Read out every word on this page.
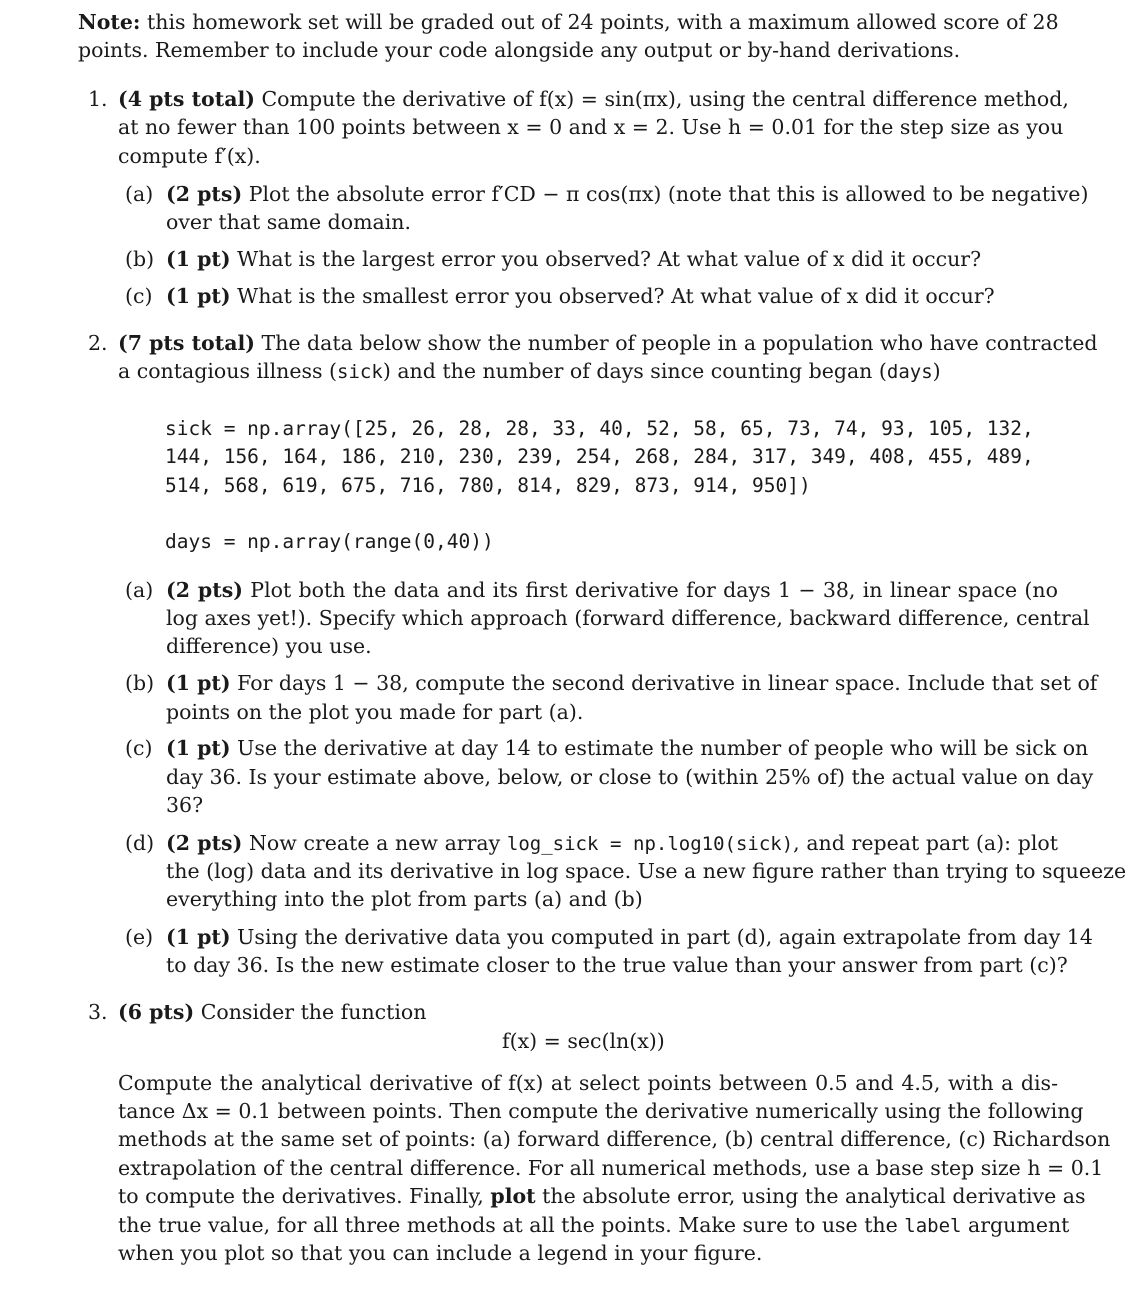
Note: this homework set will be graded out of 24 points, with a maximum allowed score of 28
points. Remember to include your code alongside any output or by-hand derivations.
1. (4 pts total) Compute the derivative of f(x) = sin(πx), using the central difference method,
at no fewer than 100 points between x = 0 and x = 2. Use h = 0.01 for the step size as you
compute f′(x).
(a) (2 pts) Plot the absolute error f′CD − π cos(πx) (note that this is allowed to be negative)
over that same domain.
(b) (1 pt) What is the largest error you observed? At what value of x did it occur?
(c) (1 pt) What is the smallest error you observed? At what value of x did it occur?
2. (7 pts total) The data below show the number of people in a population who have contracted
a contagious illness (sick) and the number of days since counting began (days)
sick = np.array([25, 26, 28, 28, 33, 40, 52, 58, 65, 73, 74, 93, 105, 132,
144, 156, 164, 186, 210, 230, 239, 254, 268, 284, 317, 349, 408, 455, 489,
514, 568, 619, 675, 716, 780, 814, 829, 873, 914, 950])
days = np.array(range(0,40))
(a) (2 pts) Plot both the data and its first derivative for days 1 − 38, in linear space (no
log axes yet!). Specify which approach (forward difference, backward difference, central
difference) you use.
(b) (1 pt) For days 1 − 38, compute the second derivative in linear space. Include that set of
points on the plot you made for part (a).
(c) (1 pt) Use the derivative at day 14 to estimate the number of people who will be sick on
day 36. Is your estimate above, below, or close to (within 25% of) the actual value on day
36?
(d) (2 pts) Now create a new array log_sick = np.log10(sick), and repeat part (a): plot
the (log) data and its derivative in log space. Use a new figure rather than trying to squeeze
everything into the plot from parts (a) and (b)
(e) (1 pt) Using the derivative data you computed in part (d), again extrapolate from day 14
to day 36. Is the new estimate closer to the true value than your answer from part (c)?
3. (6 pts) Consider the function
f(x) = sec(ln(x))
Compute the analytical derivative of f(x) at select points between 0.5 and 4.5, with a dis-
tance Δx = 0.1 between points. Then compute the derivative numerically using the following
methods at the same set of points: (a) forward difference, (b) central difference, (c) Richardson
extrapolation of the central difference. For all numerical methods, use a base step size h = 0.1
to compute the derivatives. Finally, plot the absolute error, using the analytical derivative as
the true value, for all three methods at all the points. Make sure to use the label argument
when you plot so that you can include a legend in your figure.
